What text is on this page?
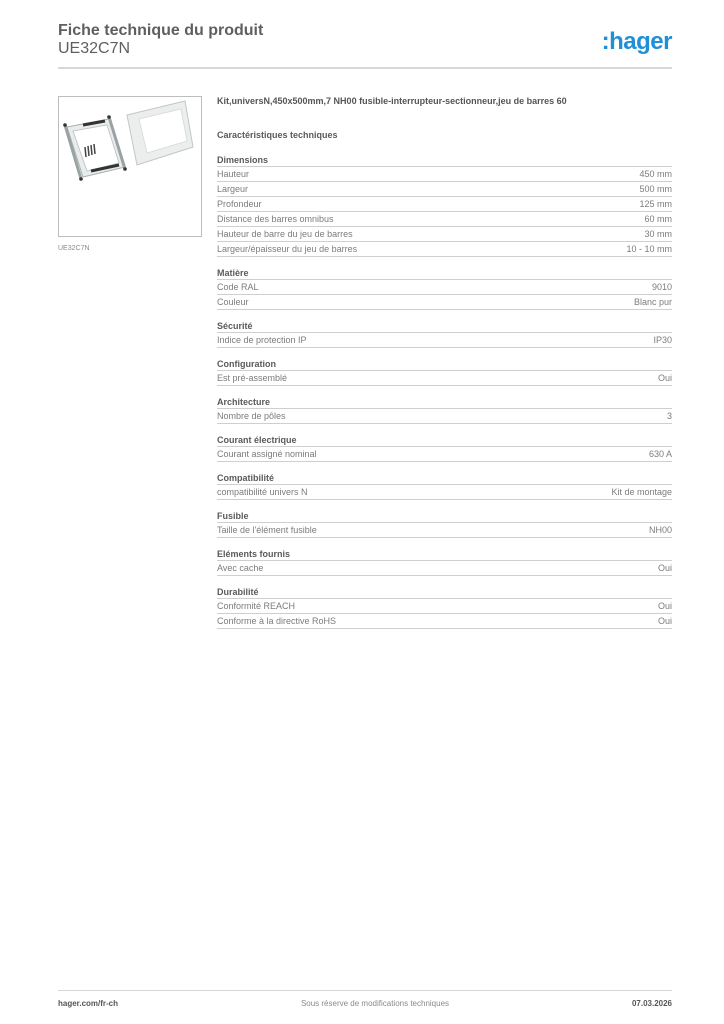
Fiche technique du produit
UE32C7N	:hager
UE32C7N
Kit,universN,450x500mm,7 NH00 fusible-interrupteur-sectionneur,jeu de barres 60
Caractéristiques techniques
Dimensions
Hauteur	450 mm
Largeur	500 mm
Profondeur	125 mm
Distance des barres omnibus	60 mm
Hauteur de barre du jeu de barres	30 mm
Largeur/épaisseur du jeu de barres	10 - 10 mm
Matière
Code RAL	9010
Couleur	Blanc pur
Sécurité
Indice de protection IP	IP30
Configuration
Est pré-assemblé	Oui
Architecture
Nombre de pôles	3
Courant électrique
Courant assigné nominal	630 A
Compatibilité
compatibilité univers N	Kit de montage
Fusible
Taille de l'élément fusible	NH00
Eléments fournis
Avec cache	Oui
Durabilité
Conformité REACH	Oui
Conforme à la directive RoHS	Oui
hager.com/fr-ch	Sous réserve de modifications techniques	07.03.2026
